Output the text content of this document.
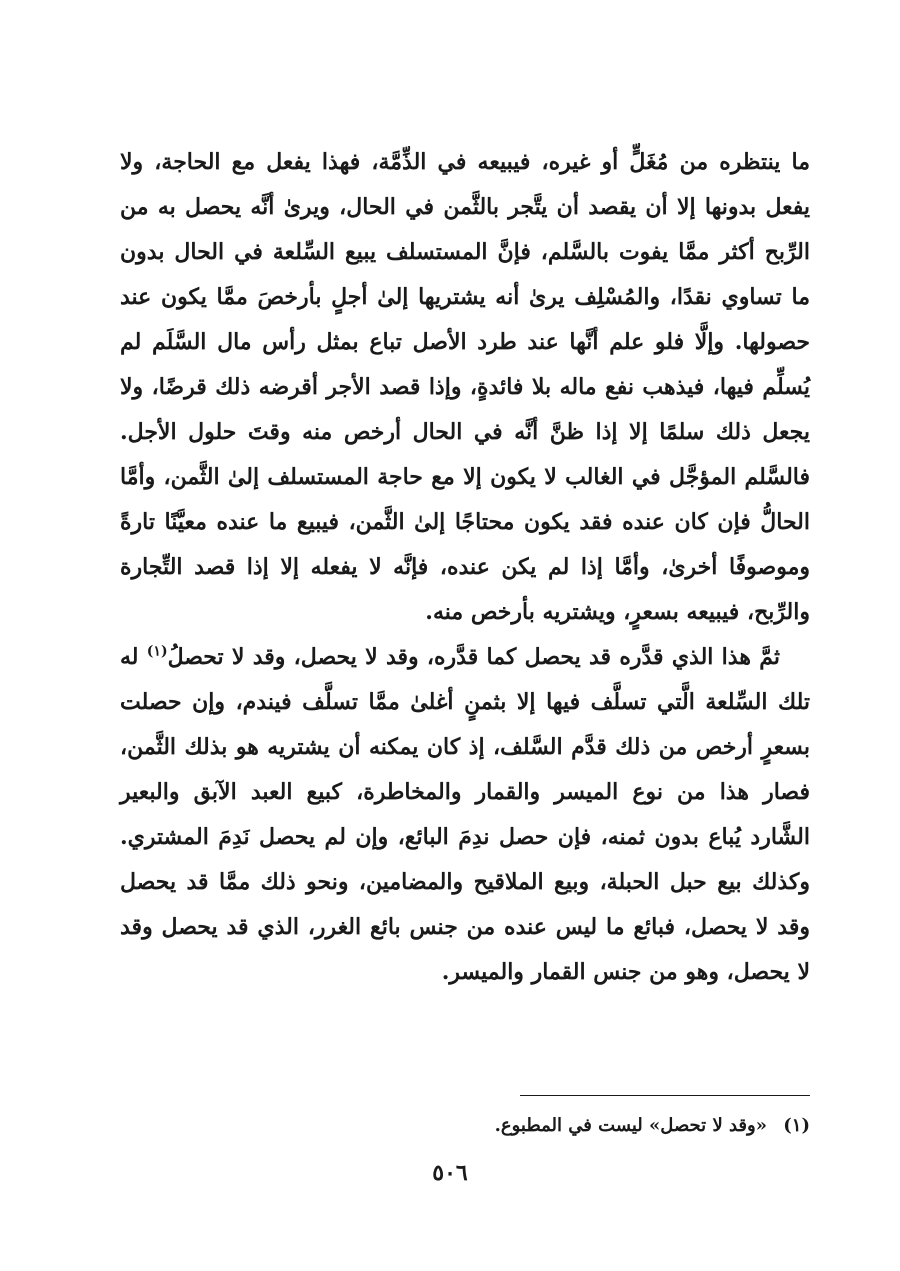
ما ينتظره من مُغَلٍّ أو غيره، فيبيعه في الذِّمَّة، فهذا يفعل مع الحاجة، ولا يفعل بدونها إلا أن يقصد أن يتَّجر بالثَّمن في الحال، ويرىٰ أنَّه يحصل به من الرِّبح أكثر ممَّا يفوت بالسَّلم، فإنَّ المستسلف يبيع السِّلعة في الحال بدون ما تساوي نقدًا، والمُسْلِف يرىٰ أنه يشتريها إلىٰ أجلٍ بأرخصَ ممَّا يكون عند حصولها. وإلَّا فلو علم أنَّها عند طرد الأصل تباع بمثل رأس مال السَّلَم لم يُسلِّم فيها، فيذهب نفع ماله بلا فائدةٍ، وإذا قصد الأجر أقرضه ذلك قرضًا، ولا يجعل ذلك سلمًا إلا إذا ظنَّ أنَّه في الحال أرخص منه وقتَ حلول الأجل. فالسَّلم المؤجَّل في الغالب لا يكون إلا مع حاجة المستسلف إلىٰ الثَّمن، وأمَّا الحالُّ فإن كان عنده فقد يكون محتاجًا إلىٰ الثَّمن، فيبيع ما عنده معيَّنًا تارةً وموصوفًا أخرىٰ، وأمَّا إذا لم يكن عنده، فإنَّه لا يفعله إلا إذا قصد التِّجارة والرِّبح، فيبيعه بسعرٍ، ويشتريه بأرخص منه.

ثمَّ هذا الذي قدَّره قد يحصل كما قدَّره، وقد لا يحصل، وقد لا تحصلُ$^{(١)}$ له تلك السِّلعة الَّتي تسلَّف فيها إلا بثمنٍ أغلىٰ ممَّا تسلَّف فيندم، وإن حصلت بسعرٍ أرخص من ذلك قدَّم السَّلف، إذ كان يمكنه أن يشتريه هو بذلك الثَّمن، فصار هذا من نوع الميسر والقمار والمخاطرة، كبيع العبد الآبق والبعير الشَّارد يُباع بدون ثمنه، فإن حصل ندِمَ البائع، وإن لم يحصل نَدِمَ المشتري. وكذلك بيع حبل الحبلة، وبيع الملاقيح والمضامين، ونحو ذلك ممَّا قد يحصل وقد لا يحصل، فبائع ما ليس عنده من جنس بائع الغرر، الذي قد يحصل وقد لا يحصل، وهو من جنس القمار والميسر.

(١) «وقد لا تحصل» ليست في المطبوع.
٥٠٦
